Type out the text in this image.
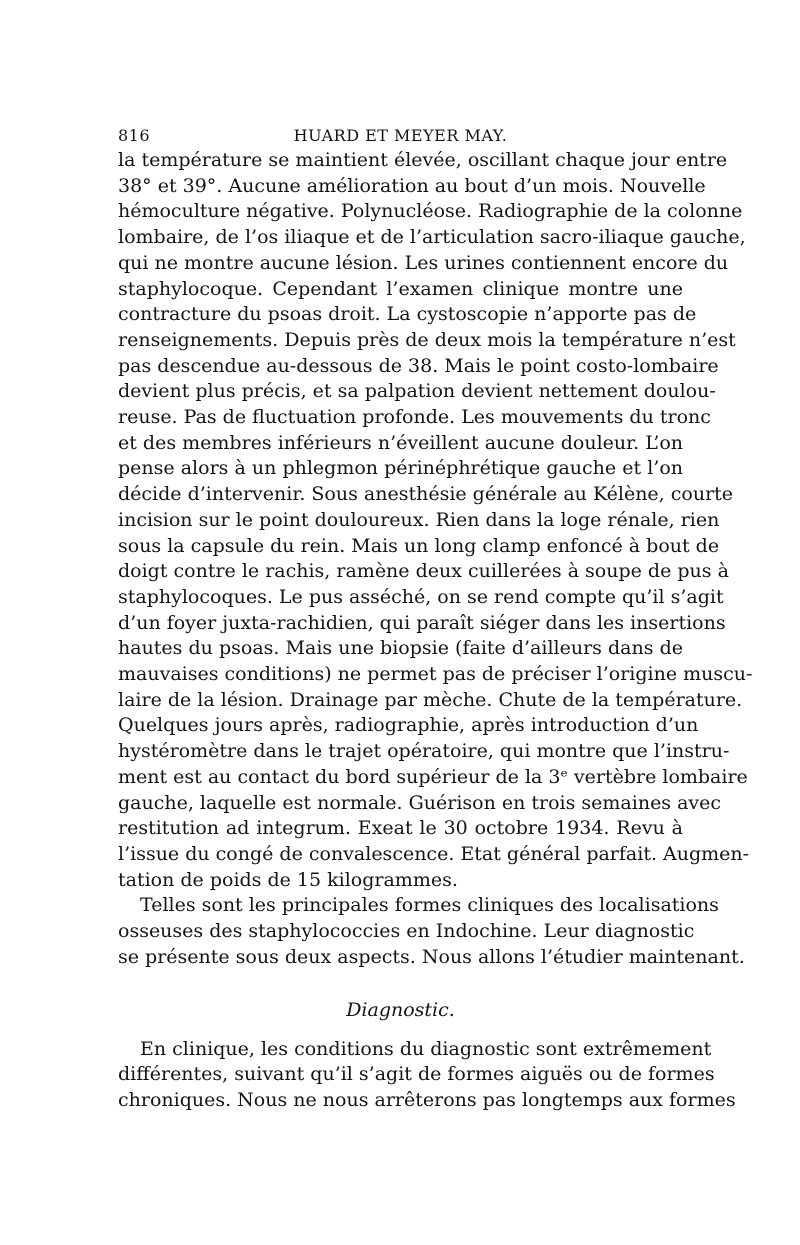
816	HUARD ET MEYER MAY.
la température se maintient élevée, oscillant chaque jour entre
38° et 39°. Aucune amélioration au bout d’un mois. Nouvelle
hémoculture négative. Polynucléose. Radiographie de la colonne
lombaire, de l’os iliaque et de l’articulation sacro-iliaque gauche,
qui ne montre aucune lésion. Les urines contiennent encore du
staphylocoque. Cependant l’examen clinique montre une
contracture du psoas droit. La cystoscopie n’apporte pas de
renseignements. Depuis près de deux mois la température n’est
pas descendue au-dessous de 38. Mais le point costo-lombaire
devient plus précis, et sa palpation devient nettement doulou-
reuse. Pas de fluctuation profonde. Les mouvements du tronc
et des membres inférieurs n’éveillent aucune douleur. L’on
pense alors à un phlegmon périnéphrétique gauche et l’on
décide d’intervenir. Sous anesthésie générale au Kélène, courte
incision sur le point douloureux. Rien dans la loge rénale, rien
sous la capsule du rein. Mais un long clamp enfoncé à bout de
doigt contre le rachis, ramène deux cuillerées à soupe de pus à
staphylocoques. Le pus asséché, on se rend compte qu’il s’agit
d’un foyer juxta-rachidien, qui paraît siéger dans les insertions
hautes du psoas. Mais une biopsie (faite d’ailleurs dans de
mauvaises conditions) ne permet pas de préciser l’origine muscu-
laire de la lésion. Drainage par mèche. Chute de la température.
Quelques jours après, radiographie, après introduction d’un
hystéromètre dans le trajet opératoire, qui montre que l’instru-
ment est au contact du bord supérieur de la 3ᵉ vertèbre lombaire
gauche, laquelle est normale. Guérison en trois semaines avec
restitution ad integrum. Exeat le 30 octobre 1934. Revu à
l’issue du congé de convalescence. Etat général parfait. Augmen-
tation de poids de 15 kilogrammes.
Telles sont les principales formes cliniques des localisations
osseuses des staphylococcies en Indochine. Leur diagnostic
se présente sous deux aspects. Nous allons l’étudier maintenant.
Diagnostic.
En clinique, les conditions du diagnostic sont extrêmement
différentes, suivant qu’il s’agit de formes aiguës ou de formes
chroniques. Nous ne nous arrêterons pas longtemps aux formes
